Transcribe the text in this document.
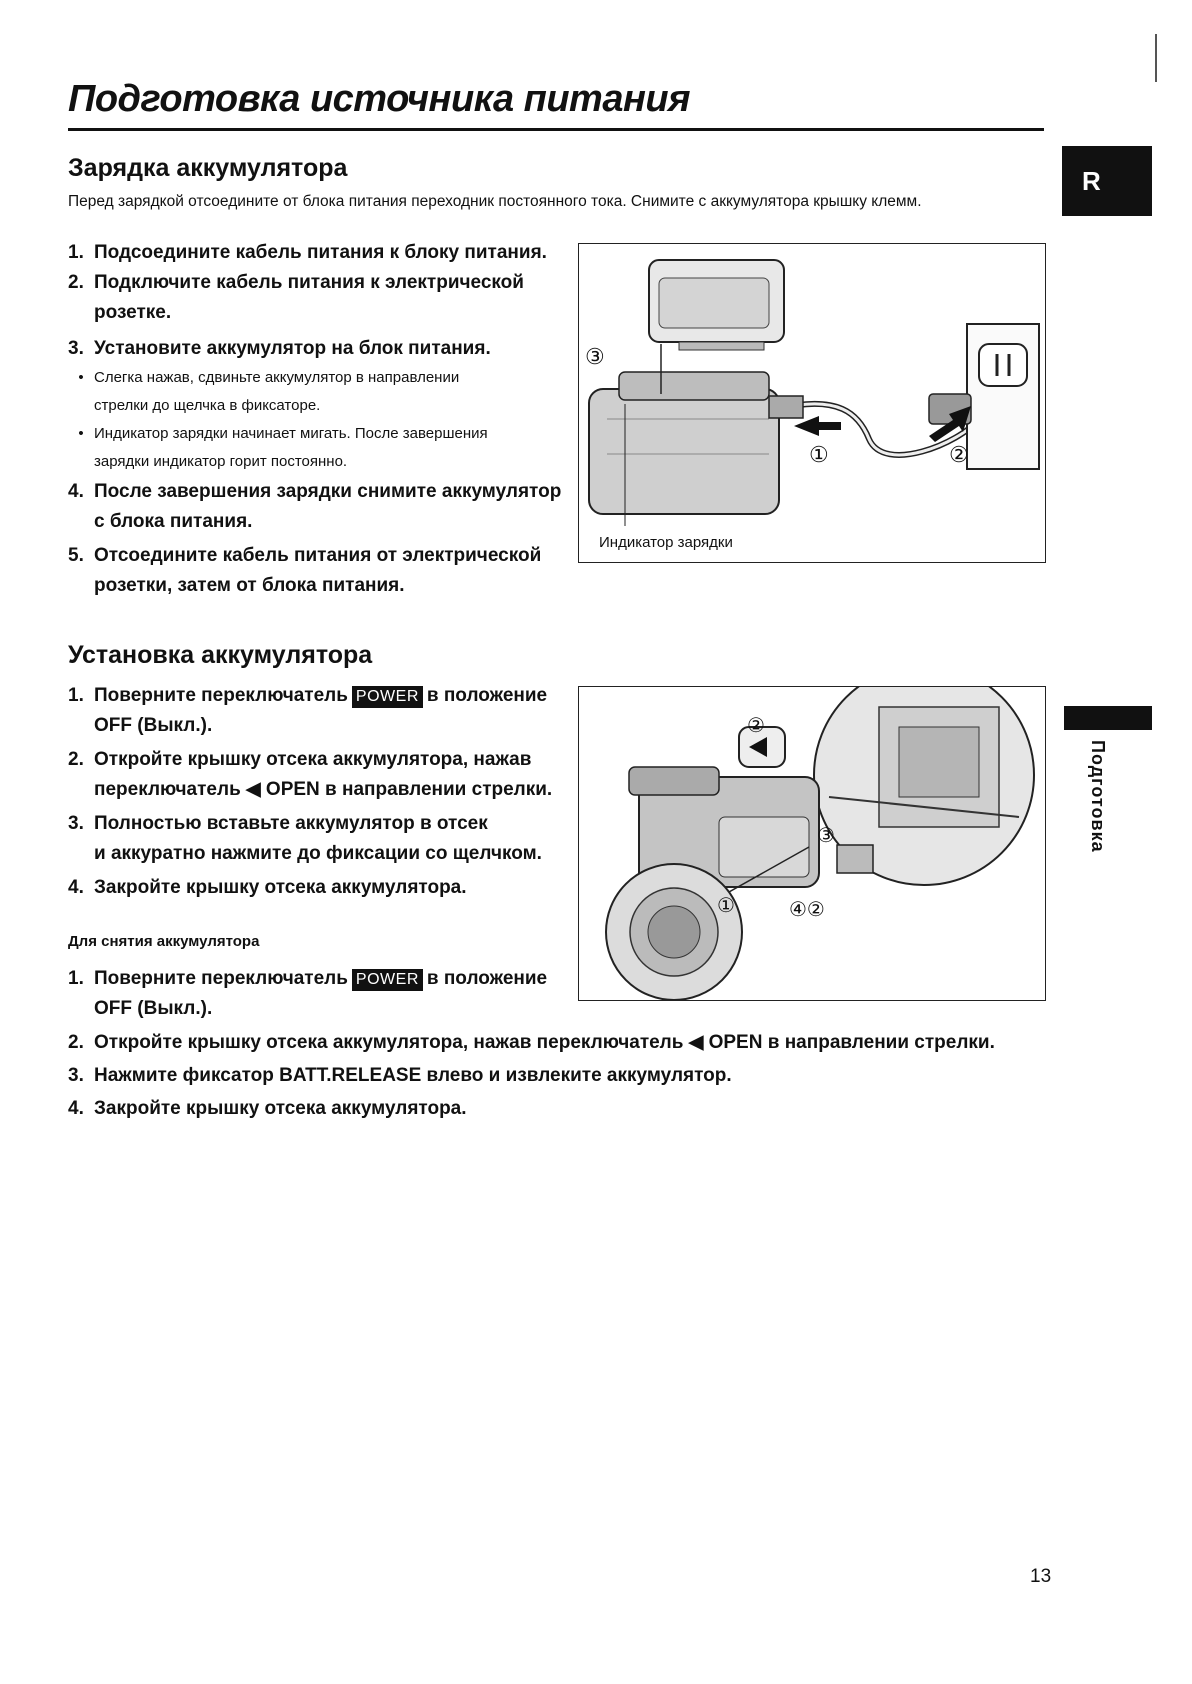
Подготовка источника питания
R
Подготовка
Зарядка аккумулятора
Перед зарядкой отсоедините от блока питания переходник постоянного тока. Снимите с аккумулятора крышку клемм.
1. Подсоедините кабель питания к блоку питания.
2. Подключите кабель питания к электрической
розетке.
3. Установите аккумулятор на блок питания.
• Слегка нажав, сдвиньте аккумулятор в направлении
стрелки до щелчка в фиксаторе.
• Индикатор зарядки начинает мигать. После завершения
зарядки индикатор горит постоянно.
4. После завершения зарядки снимите аккумулятор
с блока питания.
5. Отсоедините кабель питания от электрической
розетки, затем от блока питания.
Индикатор зарядки
③
①	②
Установка аккумулятора
1. Поверните переключатель POWER в положение
OFF (Выкл.).
2. Откройте крышку отсека аккумулятора, нажав
переключатель ◀ OPEN в направлении стрелки.
3. Полностью вставьте аккумулятор в отсек
и аккуратно нажмите до фиксации со щелчком.
4. Закройте крышку отсека аккумулятора.
②
③
①	④②
Для снятия аккумулятора
1. Поверните переключатель POWER в положение
OFF (Выкл.).
2. Откройте крышку отсека аккумулятора, нажав переключатель ◀ OPEN в направлении стрелки.
3. Нажмите фиксатор BATT.RELEASE влево и извлеките аккумулятор.
4. Закройте крышку отсека аккумулятора.
13
